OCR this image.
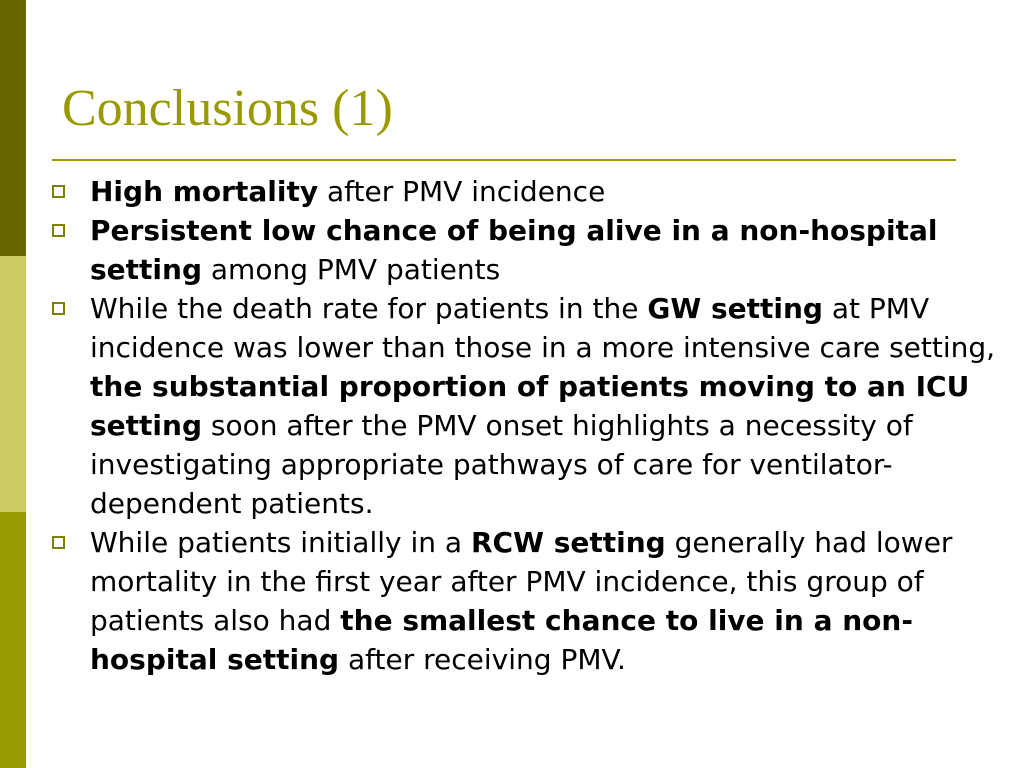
Conclusions (1)
High mortality after PMV incidence
Persistent low chance of being alive in a non-hospital setting among PMV patients
While the death rate for patients in the GW setting at PMV incidence was lower than those in a more intensive care setting, the substantial proportion of patients moving to an ICU setting soon after the PMV onset highlights a necessity of investigating appropriate pathways of care for ventilator-dependent patients.
While patients initially in a RCW setting generally had lower mortality in the first year after PMV incidence, this group of patients also had the smallest chance to live in a non-hospital setting after receiving PMV.
